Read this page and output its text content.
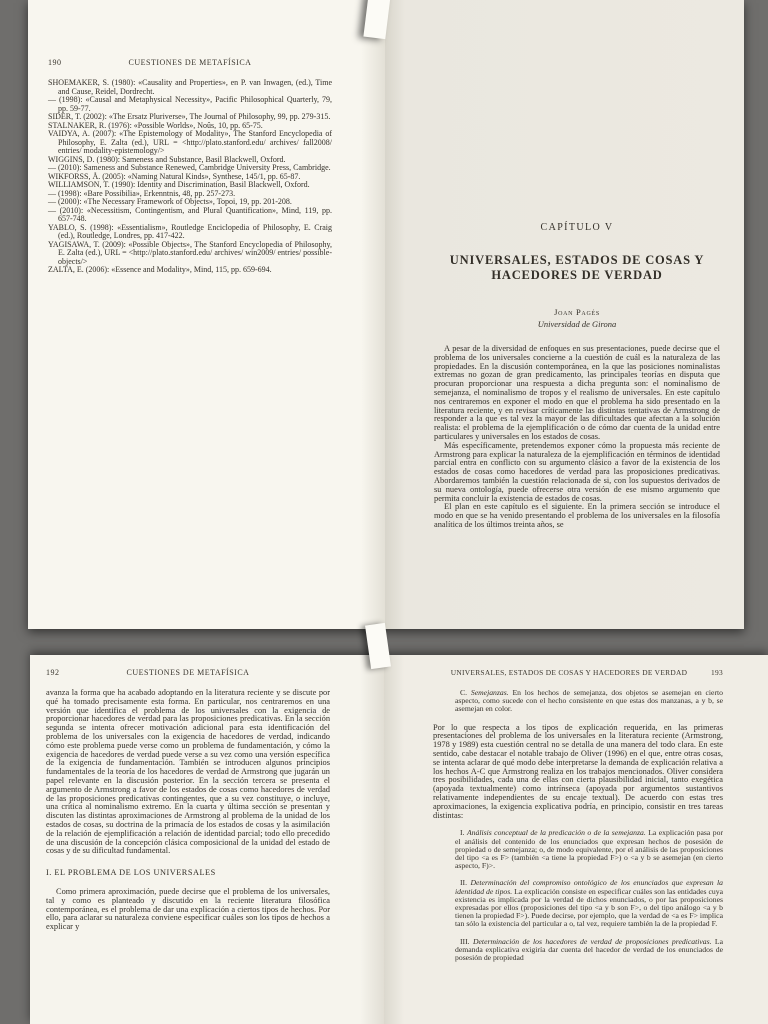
190	CUESTIONES DE METAFÍSICA

SHOEMAKER, S. (1980): «Causality and Properties», en P. van Inwagen, (ed.), Time and Cause, Reidel, Dordrecht.

— (1998): «Causal and Metaphysical Necessity», Pacific Philosophical Quarterly, 79, pp. 59-77.

SIDER, T. (2002): «The Ersatz Pluriverse», The Journal of Philosophy, 99, pp. 279-315.

STALNAKER, R. (1976): «Possible Worlds», Noûs, 10, pp. 65-75.

VAIDYA, A. (2007): «The Epistemology of Modality», The Stanford Encyclopedia of Philosophy, E. Zalta (ed.), URL = <http://plato.stanford.edu/ archives/ fall2008/ entries/ modality-epistemology/>

WIGGINS, D. (1980): Sameness and Substance, Basil Blackwell, Oxford.

— (2010): Sameness and Substance Renewed, Cambridge University Press, Cambridge.

WIKFORSS, Å. (2005): «Naming Natural Kinds», Synthese, 145/1, pp. 65-87.

WILLIAMSON, T. (1990): Identity and Discrimination, Basil Blackwell, Oxford.

— (1998): «Bare Possibilia», Erkenntnis, 48, pp. 257-273.

— (2000): «The Necessary Framework of Objects», Topoi, 19, pp. 201-208.

— (2010): «Necessitism, Contingentism, and Plural Quantification», Mind, 119, pp. 657-748.

YABLO, S. (1998): «Essentialism», Routledge Enciclopedia of Philosophy, E. Craig (ed.), Routledge, Londres, pp. 417-422.

YAGISAWA, T. (2009): «Possible Objects», The Stanford Encyclopedia of Philosophy, E. Zalta (ed.), URL = <http://plato.stanford.edu/ archives/ win2009/ entries/ possible-objects/>

ZALTA, E. (2006): «Essence and Modality», Mind, 115, pp. 659-694.

CAPÍTULO V
UNIVERSALES, ESTADOS DE COSAS Y HACEDORES DE VERDAD
Joan Pagés
Universidad de Girona

A pesar de la diversidad de enfoques en sus presentaciones, puede decirse que el problema de los universales concierne a la cuestión de cuál es la naturaleza de las propiedades. En la discusión contemporánea, en la que las posiciones nominalistas extremas no gozan de gran predicamento, las principales teorías en disputa que procuran proporcionar una respuesta a dicha pregunta son: el nominalismo de semejanza, el nominalismo de tropos y el realismo de universales. En este capítulo nos centraremos en exponer el modo en que el problema ha sido presentado en la literatura reciente, y en revisar críticamente las distintas tentativas de Armstrong de responder a la que es tal vez la mayor de las dificultades que afectan a la solución realista: el problema de la ejemplificación o de cómo dar cuenta de la unidad entre particulares y universales en los estados de cosas.

Más específicamente, pretendemos exponer cómo la propuesta más reciente de Armstrong para explicar la naturaleza de la ejemplificación en términos de identidad parcial entra en conflicto con su argumento clásico a favor de la existencia de los estados de cosas como hacedores de verdad para las proposiciones predicativas. Abordaremos también la cuestión relacionada de si, con los supuestos derivados de su nueva ontología, puede ofrecerse otra versión de ese mismo argumento que permita concluir la existencia de estados de cosas.

El plan en este capítulo es el siguiente. En la primera sección se introduce el modo en que se ha venido presentando el problema de los universales en la filosofía analítica de los últimos treinta años, se

192	CUESTIONES DE METAFÍSICA

avanza la forma que ha acabado adoptando en la literatura reciente y se discute por qué ha tomado precisamente esta forma. En particular, nos centraremos en una versión que identifica el problema de los universales con la exigencia de proporcionar hacedores de verdad para las proposiciones predicativas. En la sección segunda se intenta ofrecer motivación adicional para esta identificación del problema de los universales con la exigencia de hacedores de verdad, indicando cómo este problema puede verse como un problema de fundamentación, y cómo la exigencia de hacedores de verdad puede verse a su vez como una versión específica de la exigencia de fundamentación. También se introducen algunos principios fundamentales de la teoría de los hacedores de verdad de Armstrong que jugarán un papel relevante en la discusión posterior. En la sección tercera se presenta el argumento de Armstrong a favor de los estados de cosas como hacedores de verdad de las proposiciones predicativas contingentes, que a su vez constituye, o incluye, una crítica al nominalismo extremo. En la cuarta y última sección se presentan y discuten las distintas aproximaciones de Armstrong al problema de la unidad de los estados de cosas, su doctrina de la primacía de los estados de cosas y la asimilación de la relación de ejemplificación a relación de identidad parcial; todo ello precedido de una discusión de la concepción clásica composicional de la unidad del estado de cosas y de su dificultad fundamental.

I. EL PROBLEMA DE LOS UNIVERSALES

Como primera aproximación, puede decirse que el problema de los universales, tal y como es planteado y discutido en la reciente literatura filosófica contemporánea, es el problema de dar una explicación a ciertos tipos de hechos. Por ello, para aclarar su naturaleza conviene especificar cuáles son los tipos de hechos a explicar y

UNIVERSALES, ESTADOS DE COSAS Y HACEDORES DE VERDAD	193

C. Semejanzas. En los hechos de semejanza, dos objetos se asemejan en cierto aspecto, como sucede con el hecho consistente en que estas dos manzanas, a y b, se asemejan en color.

Por lo que respecta a los tipos de explicación requerida, en las primeras presentaciones del problema de los universales en la literatura reciente (Armstrong, 1978 y 1989) esta cuestión central no se detalla de una manera del todo clara. En este sentido, cabe destacar el notable trabajo de Oliver (1996) en el que, entre otras cosas, se intenta aclarar de qué modo debe interpretarse la demanda de explicación relativa a los hechos A-C que Armstrong realiza en los trabajos mencionados. Oliver considera tres posibilidades, cada una de ellas con cierta plausibilidad inicial, tanto exegética (apoyada textualmente) como intrínseca (apoyada por argumentos sustantivos relativamente independientes de su encaje textual). De acuerdo con estas tres aproximaciones, la exigencia explicativa podría, en principio, consistir en tres tareas distintas:

I. Análisis conceptual de la predicación o de la semejanza. La explicación pasa por el análisis del contenido de los enunciados que expresan hechos de posesión de propiedad o de semejanza; o, de modo equivalente, por el análisis de las proposiciones del tipo <a es F> (también <a tiene la propiedad F>) o <a y b se asemejan (en cierto aspecto, F)>.

II. Determinación del compromiso ontológico de los enunciados que expresan la identidad de tipos. La explicación consiste en especificar cuáles son las entidades cuya existencia es implicada por la verdad de dichos enunciados, o por las proposiciones expresadas por ellos (proposiciones del tipo <a y b son F>, o del tipo análogo <a y b tienen la propiedad F>). Puede decirse, por ejemplo, que la verdad de <a es F> implica tan sólo la existencia del particular a o, tal vez, requiere también la de la propiedad F.

III. Determinación de los hacedores de verdad de proposiciones predicativas. La demanda explicativa exigiría dar cuenta del hacedor de verdad de los enunciados de posesión de propiedad
